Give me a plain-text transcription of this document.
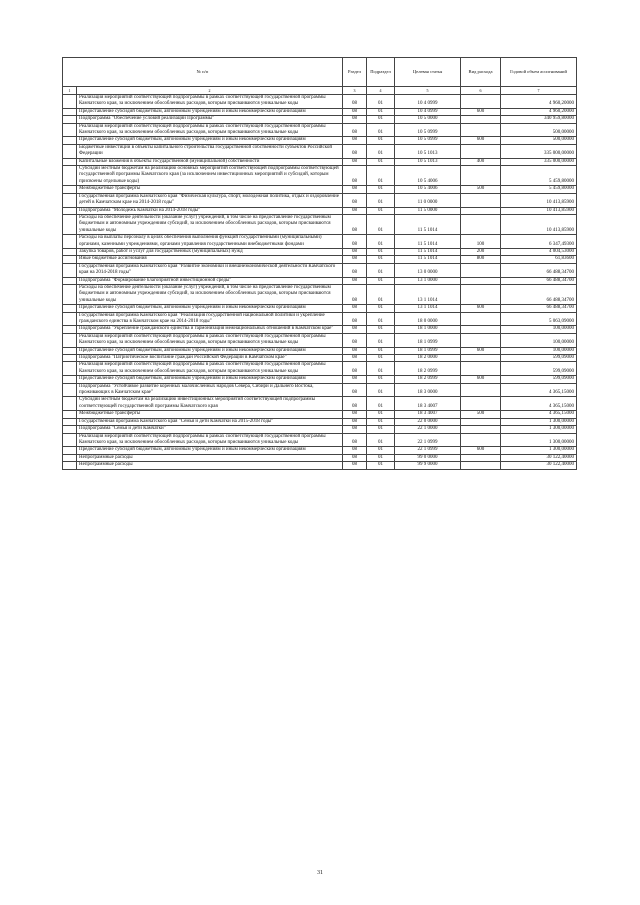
№ п/п		Раздел	Подраздел	Целевая статья	Вид расхода	Годовой объем ассигнований
1	2	3	4	5	6	7
	Реализация мероприятий соответствующей подпрограммы в рамках соответствующей государственной программы Камчатского края, за исключением обособленных расходов, которым присваиваются уникальные коды	08	01	10 4 0999		4 960,20000
	Предоставление субсидий бюджетным, автономным учреждениям и иным некоммерческим организациям	08	01	10 4 0999	600	4 960,20000
	Подпрограмма "Обеспечение условий реализации Программы"	08	01	10 5 0000		340 959,80000
	Реализация мероприятий соответствующей подпрограммы в рамках соответствующей государственной программы Камчатского края, за исключением обособленных расходов, которым присваиваются уникальные коды	08	01	10 5 0999		500,00000
	Предоставление субсидий бюджетным, автономным учреждениям и иным некоммерческим организациям	08	01	10 5 0999	600	500,00000
	Бюджетные инвестиции в объекты капитального строительства государственной собственности субъектов Российской Федерации	08	01	10 5 1013		335 000,00000
	Капитальные вложения в объекты государственной (муниципальной) собственности	08	01	10 5 1013	400	335 000,00000
	Субсидии местным бюджетам на реализацию основных мероприятий соответствующей подпрограммы соответствующей государственной программы Камчатского края (за исключением инвестиционных мероприятий и субсидий, которым присвоены отдельные коды)	08	01	10 5 4006		5 459,80000
	Межбюджетные трансферты	08	01	10 5 4006	500	5 459,80000
	Государственная программа Камчатского края "Физическая культура, спорт, молодежная политика, отдых и оздоровление детей в Камчатском крае на 2014-2018 годы"	08	01	11 0 0000		10 413,85900
	Подпрограмма "Молодежь Камчатки на 2014-2018 годы"	08	01	11 5 0000		10 413,85900
	Расходы на обеспечение деятельности (оказание услуг) учреждений, в том числе на предоставление государственным бюджетным и автономным учреждениям субсидий, за исключением обособленных расходов, которым присваиваются уникальные коды	08	01	11 5 1014		10 413,85900
	Расходы на выплаты персоналу в целях обеспечения выполнения функций государственными (муниципальными) органами, казенными учреждениями, органами управления государственными внебюджетными фондами	08	01	11 5 1014	100	6 347,49300
	Закупка товаров, работ и услуг для государственных (муниципальных) нужд	08	01	11 5 1014	200	4 004,53000
	Иные бюджетные ассигнования	08	01	11 5 1014	800	61,83600
	Государственная программа Камчатского края "Развитие экономики и внешнеэкономической деятельности Камчатского края на 2014-2018 годы"	08	01	13 0 0000		66 488,34700
	Подпрограмма "Формирование благоприятной инвестиционной среды"	08	01	13 1 0000		66 488,34700
	Расходы на обеспечение деятельности (оказание услуг) учреждений, в том числе на предоставление государственным бюджетным и автономным учреждениям субсидий, за исключением обособленных расходов, которым присваиваются уникальные коды	08	01	13 1 1014		66 488,34700
	Предоставление субсидий бюджетным, автономным учреждениям и иным некоммерческим организациям	08	01	13 1 1014	600	66 488,34700
	Государственная программа Камчатского края "Реализация государственной национальной политики и укрепление гражданского единства в Камчатском крае на 2014-2018 годы"	08	01	18 0 0000		5 063,09000
	Подпрограмма "Укрепление гражданского единства и гармонизация межнациональных отношений в Камчатском крае"	08	01	18 1 0000		100,00000
	Реализация мероприятий соответствующей подпрограммы в рамках соответствующей государственной программы Камчатского края, за исключением обособленных расходов, которым присваиваются уникальные коды	08	01	18 1 0999		100,00000
	Предоставление субсидий бюджетным, автономным учреждениям и иным некоммерческим организациям	08	01	18 1 0999	600	100,00000
	Подпрограмма "Патриотическое воспитание граждан Российской Федерации в Камчатском крае"	08	01	18 2 0000		599,09000
	Реализация мероприятий соответствующей подпрограммы в рамках соответствующей государственной программы Камчатского края, за исключением обособленных расходов, которым присваиваются уникальные коды	08	01	18 2 0999		599,09000
	Предоставление субсидий бюджетным, автономным учреждениям и иным некоммерческим организациям	08	01	18 2 0999	600	599,09000
	Подпрограмма "Устойчивое развитие коренных малочисленных народов Севера, Сибири и Дальнего Востока, проживающих в Камчатском крае"	08	01	18 3 0000		4 365,15000
	Субсидии местным бюджетам на реализацию инвестиционных мероприятий соответствующей подпрограммы соответствующей государственной программы Камчатского края	08	01	18 3 4007		4 365,15000
	Межбюджетные трансферты	08	01	18 3 4007	500	4 365,15000
	Государственная программа Камчатского края "Семья и дети Камчатки на 2015-2018 годы"	08	01	22 0 0000		1 300,00000
	Подпрограмма "Семья и дети Камчатки"	08	01	22 1 0000		1 300,00000
	Реализация мероприятий соответствующей подпрограммы в рамках соответствующей государственной программы Камчатского края, за исключением обособленных расходов, которым присваиваются уникальные коды	08	01	22 1 0999		1 300,00000
	Предоставление субсидий бюджетным, автономным учреждениям и иным некоммерческим организациям	08	01	22 1 0999	600	1 300,00000
	Непрограммные расходы	08	01	99 0 0000		30 122,40000
	Непрограммные расходы	08	01	99 9 0000		30 122,40000
31
